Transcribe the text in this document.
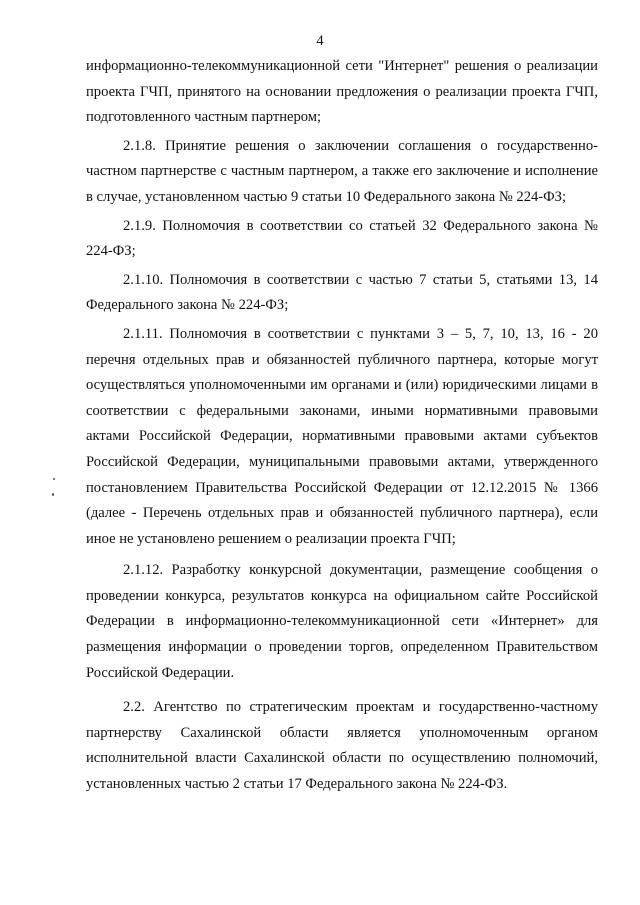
4

информационно-телекоммуникационной сети "Интернет" решения о реализации проекта ГЧП, принятого на основании предложения о реализации проекта ГЧП, подготовленного частным партнером;

2.1.8. Принятие решения о заключении соглашения о государственно-частном партнерстве с частным партнером, а также его заключение и исполнение в случае, установленном частью 9 статьи 10 Федерального закона № 224-ФЗ;

2.1.9. Полномочия в соответствии со статьей 32 Федерального закона № 224-ФЗ;

2.1.10. Полномочия в соответствии с частью 7 статьи 5, статьями 13, 14 Федерального закона № 224-ФЗ;

2.1.11. Полномочия в соответствии с пунктами 3 – 5, 7, 10, 13, 16 - 20 перечня отдельных прав и обязанностей публичного партнера, которые могут осуществляться уполномоченными им органами и (или) юридическими лицами в соответствии с федеральными законами, иными нормативными правовыми актами Российской Федерации, нормативными правовыми актами субъектов Российской Федерации, муниципальными правовыми актами, утвержденного постановлением Правительства Российской Федерации от 12.12.2015 № 1366 (далее - Перечень отдельных прав и обязанностей публичного партнера), если иное не установлено решением о реализации проекта ГЧП;

2.1.12. Разработку конкурсной документации, размещение сообщения о проведении конкурса, результатов конкурса на официальном сайте Российской Федерации в информационно-телекоммуникационной сети «Интернет» для размещения информации о проведении торгов, определенном Правительством Российской Федерации.

2.2. Агентство по стратегическим проектам и государственно-частному партнерству Сахалинской области является уполномоченным органом исполнительной власти Сахалинской области по осуществлению полномочий, установленных частью 2 статьи 17 Федерального закона № 224-ФЗ.
